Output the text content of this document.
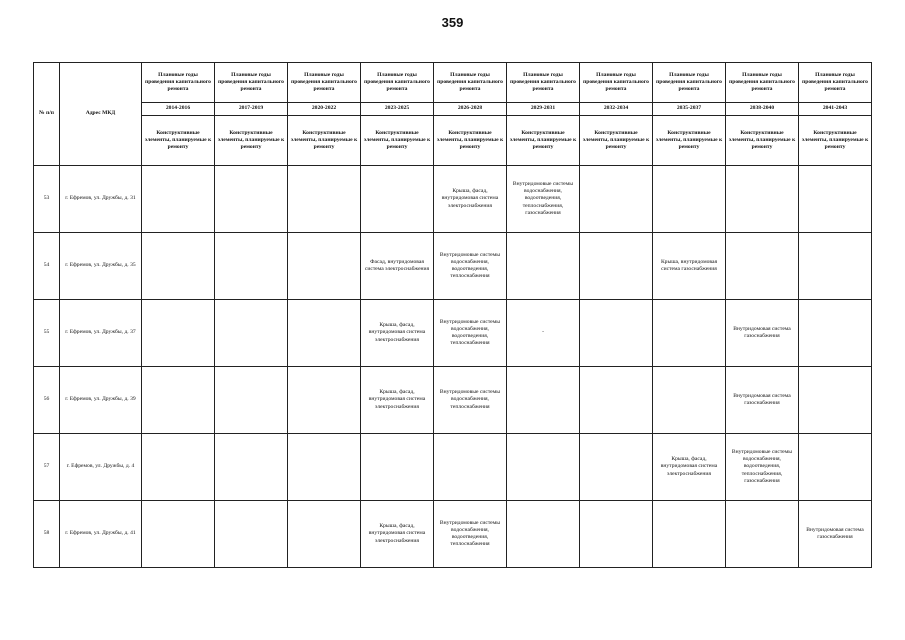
359
№ п/п	Адрес МКД	Плановые годы проведения капитального ремонта	Плановые годы проведения капитального ремонта	Плановые годы проведения капитального ремонта	Плановые годы проведения капитального ремонта	Плановые годы проведения капитального ремонта	Плановые годы проведения капитального ремонта	Плановые годы проведения капитального ремонта	Плановые годы проведения капитального ремонта	Плановые годы проведения капитального ремонта	Плановые годы проведения капитального ремонта
		2014-2016	2017-2019	2020-2022	2023-2025	2026-2028	2029-2031	2032-2034	2035-2037	2038-2040	2041-2043
		Конструктивные элементы, планируемые к ремонту	Конструктивные элементы, планируемые к ремонту	Конструктивные элементы, планируемые к ремонту	Конструктивные элементы, планируемые к ремонту	Конструктивные элементы, планируемые к ремонту	Конструктивные элементы, планируемые к ремонту	Конструктивные элементы, планируемые к ремонту	Конструктивные элементы, планируемые к ремонту	Конструктивные элементы, планируемые к ремонту	Конструктивные элементы, планируемые к ремонту
53	г. Ефремов, ул. Дружбы, д. 31					Крыша, фасад, внутридомовая система электроснабжения	Внутридомовые системы водоснабжения, водоотведения, теплоснабжения, газоснабжения				
54	г. Ефремов, ул. Дружбы, д. 35				Фасад, внутридомовая система электроснабжения	Внутридомовые системы водоснабжения, водоотведения, теплоснабжения			Крыша, внутридомовая система газоснабжения		
55	г. Ефремов, ул. Дружбы, д. 37				Крыша, фасад, внутридомовая система электроснабжения	Внутридомовые системы водоснабжения, водоотведения, теплоснабжения	-			Внутридомовая система газоснабжения	
56	г. Ефремов, ул. Дружбы, д. 39				Крыша, фасад, внутридомовая система электроснабжения	Внутридомовые системы водоснабжения, теплоснабжения				Внутридомовая система газоснабжения	
57	г. Ефремов, ул. Дружбы, д. 4								Крыша, фасад, внутридомовая система электроснабжения	Внутридомовые системы водоснабжения, водоотведения, теплоснабжения, газоснабжения	
58	г. Ефремов, ул. Дружбы, д. 41				Крыша, фасад, внутридомовая система электроснабжения	Внутридомовые системы водоснабжения, водоотведения, теплоснабжения					Внутридомовая система газоснабжения
